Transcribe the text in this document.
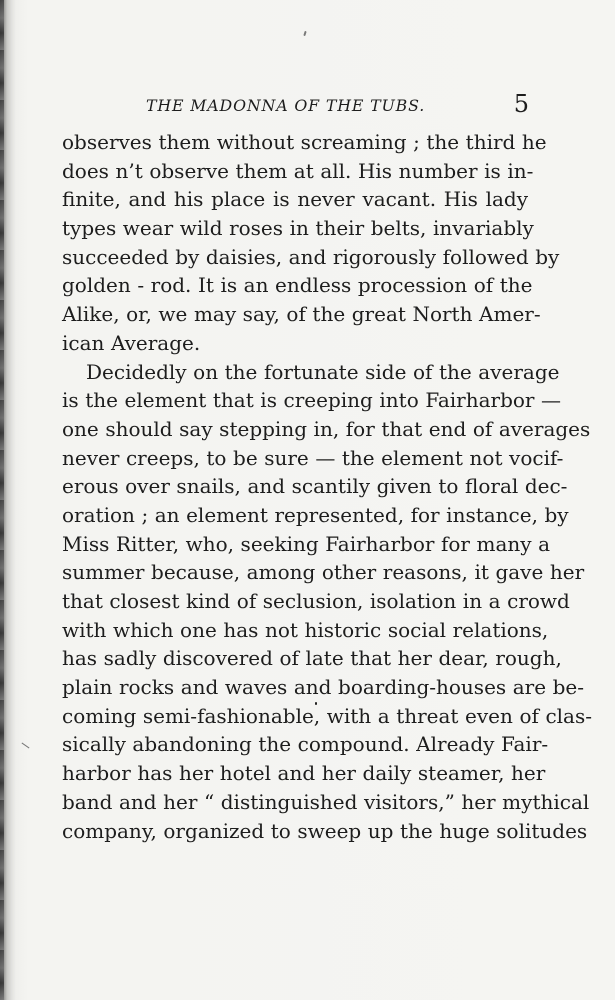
THE MADONNA OF THE TUBS.	5
observes them without screaming ; the third he
does n’t observe them at all. His number is in-
finite, and his place is never vacant. His lady
types wear wild roses in their belts, invariably
succeeded by daisies, and rigorously followed by
golden - rod. It is an endless procession of the
Alike, or, we may say, of the great North Amer-
ican Average.
Decidedly on the fortunate side of the average
is the element that is creeping into Fairharbor —
one should say stepping in, for that end of averages
never creeps, to be sure — the element not vocif-
erous over snails, and scantily given to floral dec-
oration ; an element represented, for instance, by
Miss Ritter, who, seeking Fairharbor for many a
summer because, among other reasons, it gave her
that closest kind of seclusion, isolation in a crowd
with which one has not historic social relations,
has sadly discovered of late that her dear, rough,
plain rocks and waves and boarding-houses are be-
coming semi-fashionable, with a threat even of clas-
sically abandoning the compound. Already Fair-
harbor has her hotel and her daily steamer, her
band and her “ distinguished visitors,” her mythical
company, organized to sweep up the huge solitudes
